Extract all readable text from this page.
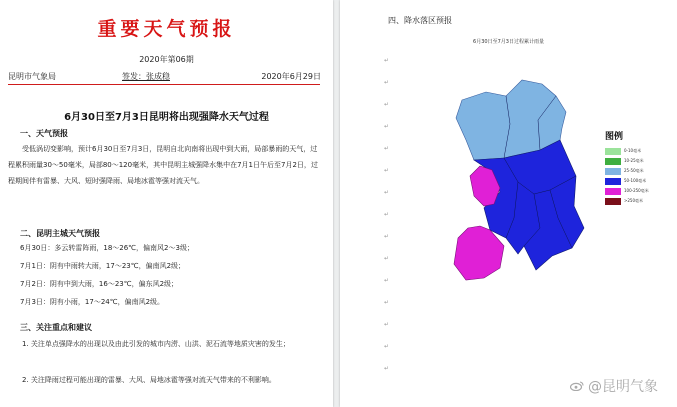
重要天气预报
2020年第06期
昆明市气象局	签发：张成稳	2020年6月29日
6月30日至7月3日昆明将出现强降水天气过程
一、天气预报
受低涡切变影响，预计6月30日至7月3日，昆明自北向南将出现中到大雨，局部暴雨的天气，过程累积雨量30～50毫米，局部80～120毫米，其中昆明主城强降水集中在7月1日午后至7月2日，过程期间伴有雷暴、大风、短时强降雨、局地冰雹等强对流天气。
二、昆明主城天气预报
6月30日：多云转雷阵雨，18～26℃，偏南风2～3级；
7月1日：阴有中雨转大雨，17～23℃，偏南风2级；
7月2日：阴有中到大雨，16～23℃，偏东风2级；
7月3日：阴有小雨，17～24℃，偏南风2级。
三、关注重点和建议
1. 关注单点强降水的出现以及由此引发的城市内涝、山洪、泥石流等地质灾害的发生；
2. 关注降雨过程可能出现的雷暴、大风、局地冰雹等强对流天气带来的不利影响。
四、降水落区预报
6月30日至7月3日过程累计雨量
↵
↵
↵
↵
↵
↵
↵
↵
↵
↵
↵
↵
↵
↵
↵
图例
0-10毫米
10-25毫米
25-50毫米
50-100毫米
100-250毫米
>250毫米
@昆明气象
